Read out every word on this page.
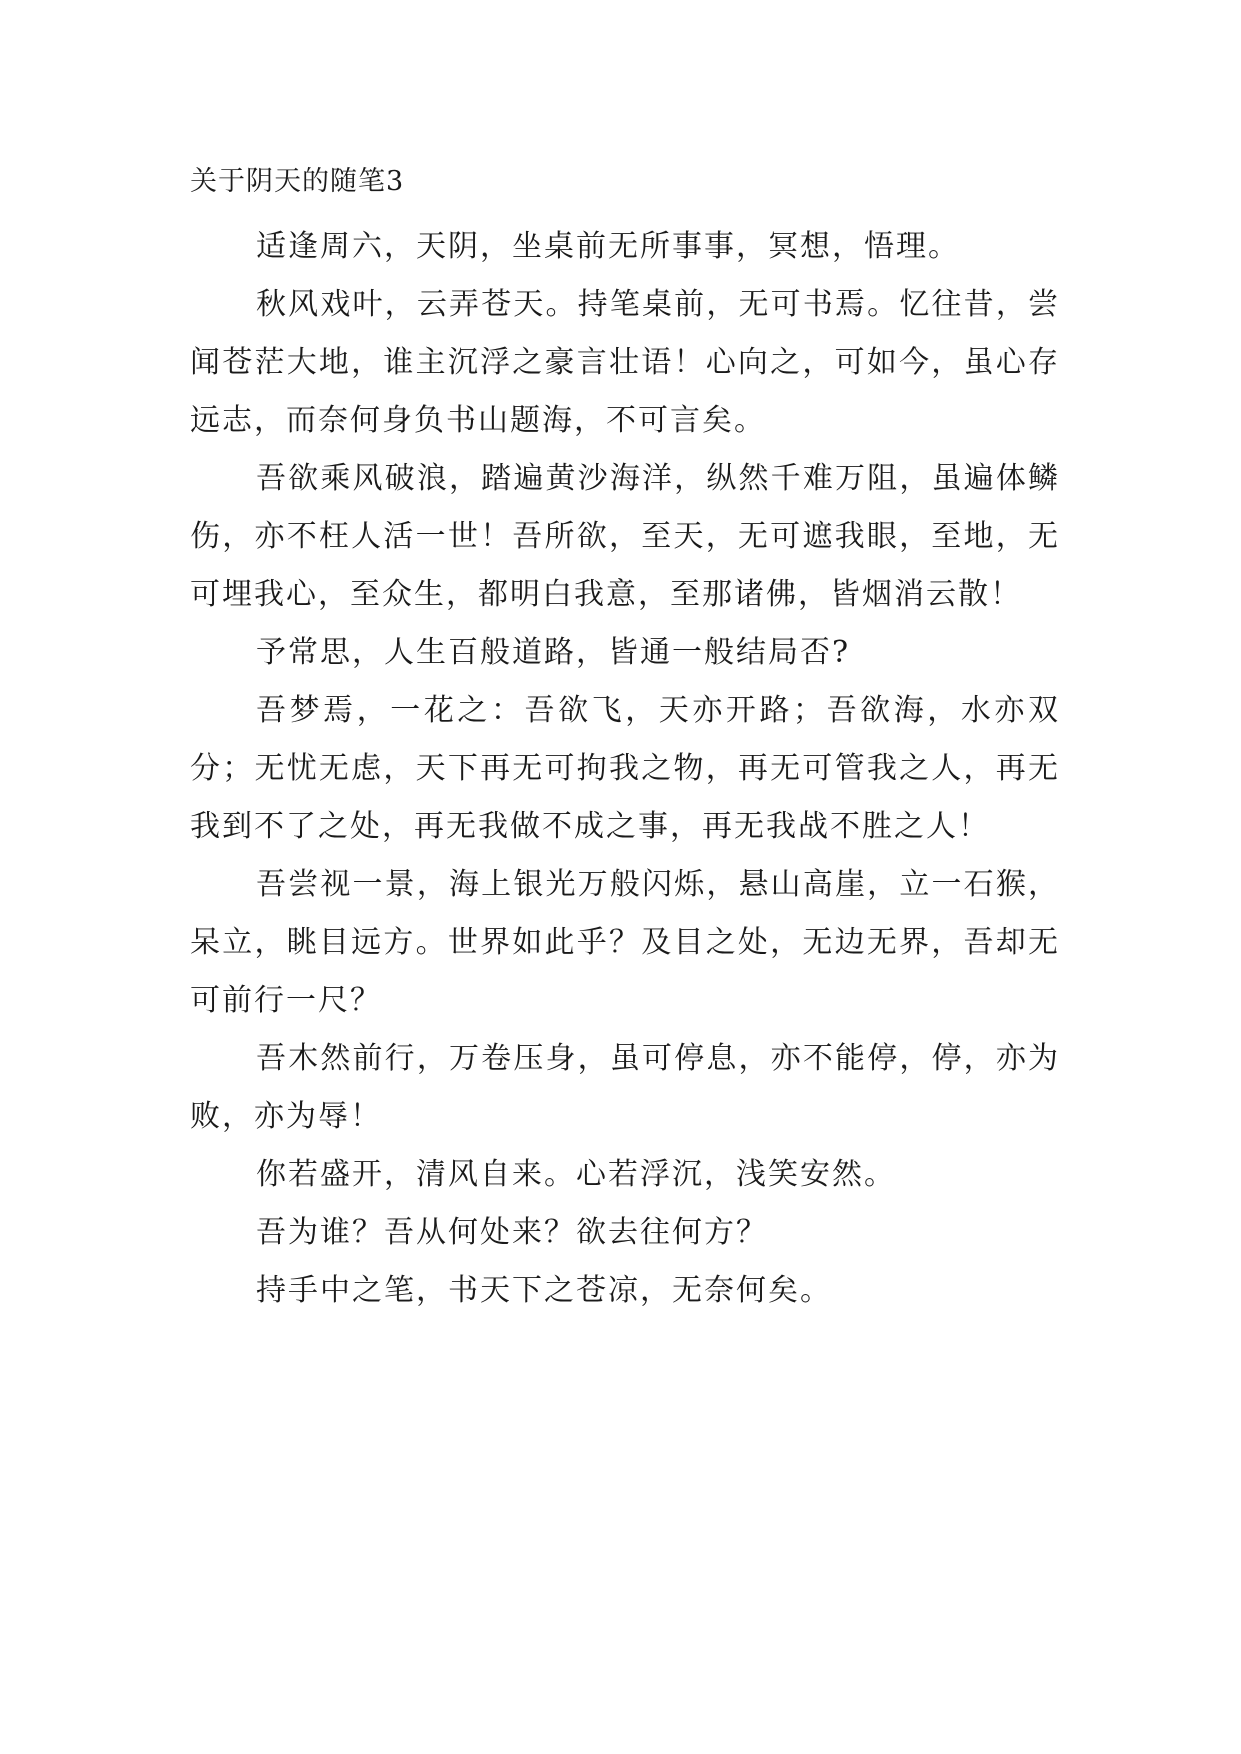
关于阴天的随笔3

适逢周六，天阴，坐桌前无所事事，冥想，悟理。

秋风戏叶，云弄苍天。持笔桌前，无可书焉。忆往昔，尝闻苍茫大地，谁主沉浮之豪言壮语！心向之，可如今，虽心存远志，而奈何身负书山题海，不可言矣。

吾欲乘风破浪，踏遍黄沙海洋，纵然千难万阻，虽遍体鳞伤，亦不枉人活一世！吾所欲，至天，无可遮我眼，至地，无可埋我心，至众生，都明白我意，至那诸佛，皆烟消云散！

予常思，人生百般道路，皆通一般结局否?

吾梦焉，一花之：吾欲飞，天亦开路；吾欲海，水亦双分；无忧无虑，天下再无可拘我之物，再无可管我之人，再无我到不了之处，再无我做不成之事，再无我战不胜之人！

吾尝视一景，海上银光万般闪烁，悬山高崖，立一石猴，呆立，眺目远方。世界如此乎？及目之处，无边无界，吾却无可前行一尺？

吾木然前行，万卷压身，虽可停息，亦不能停，停，亦为败，亦为辱！

你若盛开，清风自来。心若浮沉，浅笑安然。

吾为谁？吾从何处来？欲去往何方？

持手中之笔，书天下之苍凉，无奈何矣。
